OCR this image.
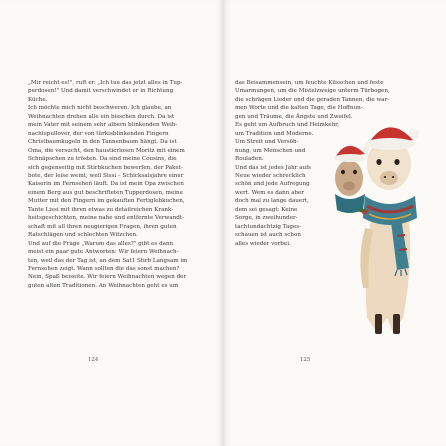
„Mir reicht es!", ruft er. „Ich tue das jetzt alles in Tup-
perdosen!" Und damit verschwindet er in Richtung
Küche.
Ich möchte mich nicht beschweren. Ich glaube, an
Weihnachten drehen alle ein bisschen durch. Da ist
mein Vater mit seinem sehr albern blinkenden Weih-
nachtspullover, der von türkisblinkenden Fingern
Christbaumkugeln in den Tannenbaum hängt. Da ist
Oma, die versucht, den haustierlosen Moritz mit einem
Schnäpschen zu trösten. Da sind meine Cousins, die
sich gegenseitig mit Stirbkuchen bewerfen, der Paket-
bote, der leise weint, weil Sissi – Schicksalsjahre einer
Kaiserin im Fernsehen läuft. Da ist mein Opa zwischen
einem Berg aus gut beschrifteten Tupperdosen, meine
Mutter mit den Fingern im gekauften Fertiglebkuchen,
Tante Lissi mit ihren etwas zu detailreichen Krank-
heitsgeschichten, meine nahe und entfernte Verwandt-
schaft mit all ihren neugierigen Fragen, ihren guten
Ratschlägen und schlechten Witzchen.
Und auf die Frage „Warum das alles?" gibt es dann
meist ein paar gute Antworten: Wir feiern Weihnach-
ten, weil das der Tag ist, an dem Sat1 Stirb Langsam im
Fernsehen zeigt. Wann sollten die das sonst machen?
Nein, Spaß beiseite. Wir feiern Weihnachten wegen der
guten alten Traditionen. An Weihnachten geht es um
124
das Beisammensein, um feuchte Küsschen und feste
Umarmungen, um die Mistelzweige unterm Türbogen,
die schrägen Lieder und die geraden Tannen, die war-
men Worte und die kalten Tage, die Hoffnun-
gen und Träume, die Ängste und Zweifel.
Es geht um Aufbruch und Heimkehr,
um Tradition und Moderne.
Um Streit und Versöh-
nung, um Menschen und
Rouladen.
Und das ist jedes Jahr aufs
Neue wieder schrecklich
schön und jede Aufregung
wert. Wem es dann aber
doch mal zu lange dauert,
dem sei gesagt: Keine
Sorge, in zweihunder-
tachtundachtzig Tages-
schauen ist auch schon
alles wieder vorbei.
125
